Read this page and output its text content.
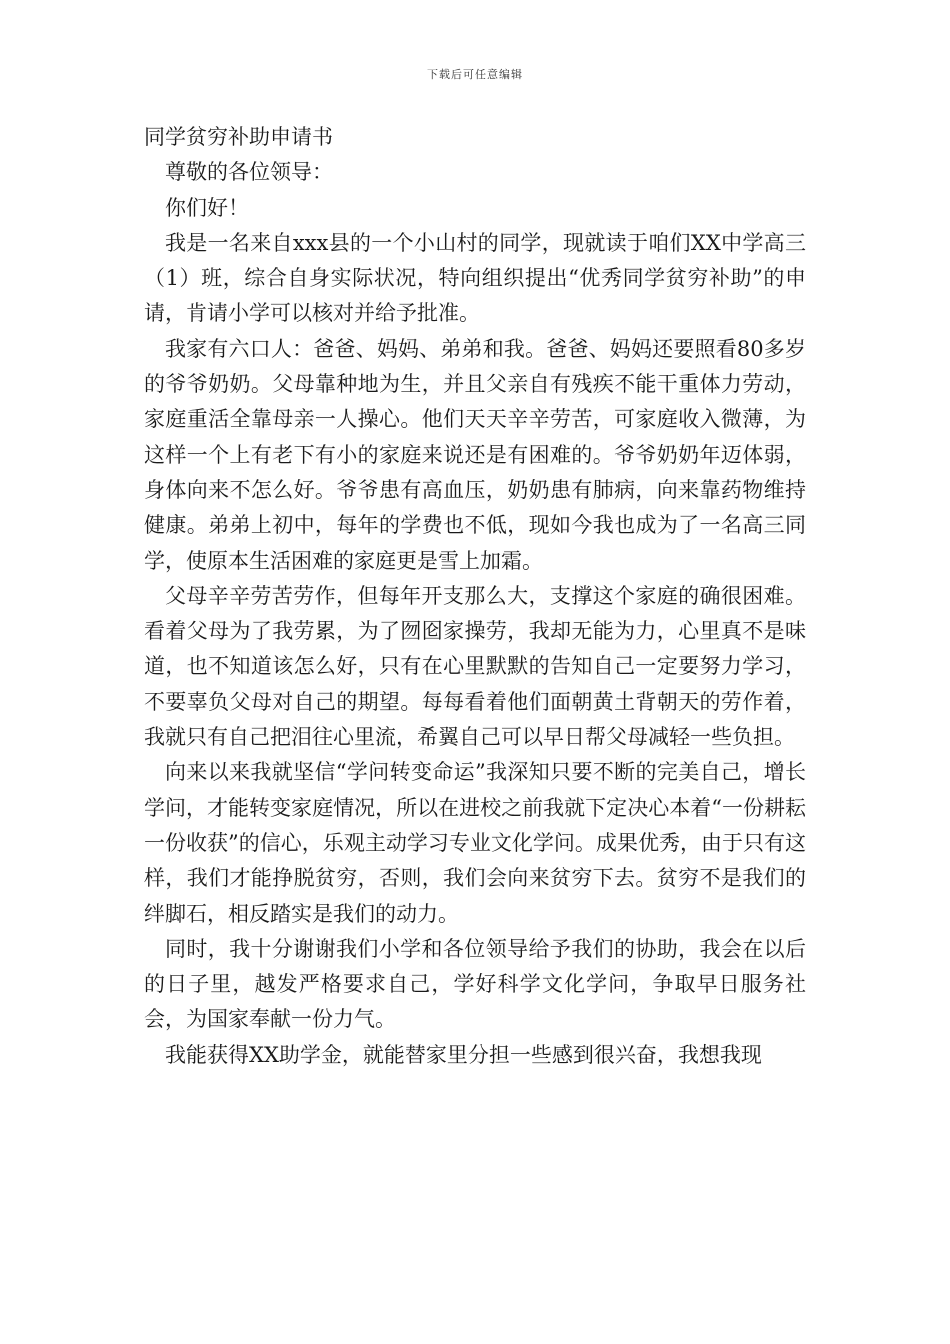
下载后可任意编辑
同学贫穷补助申请书

尊敬的各位领导：

你们好！

我是一名来自xxx县的一个小山村的同学，现就读于咱们XX中学高三（1）班，综合自身实际状况，特向组织提出“优秀同学贫穷补助”的申请，肯请小学可以核对并给予批准。

我家有六口人：爸爸、妈妈、弟弟和我。爸爸、妈妈还要照看80多岁的爷爷奶奶。父母靠种地为生，并且父亲自有残疾不能干重体力劳动，家庭重活全靠母亲一人操心。他们天天辛辛劳苦，可家庭收入微薄，为这样一个上有老下有小的家庭来说还是有困难的。爷爷奶奶年迈体弱，身体向来不怎么好。爷爷患有高血压，奶奶患有肺病，向来靠药物维持健康。弟弟上初中，每年的学费也不低，现如今我也成为了一名高三同学，使原本生活困难的家庭更是雪上加霜。

父母辛辛劳苦劳作，但每年开支那么大，支撑这个家庭的确很困难。看着父母为了我劳累，为了囫囵家操劳，我却无能为力，心里真不是味道，也不知道该怎么好，只有在心里默默的告知自己一定要努力学习，不要辜负父母对自己的期望。每每看着他们面朝黄土背朝天的劳作着，我就只有自己把泪往心里流，希翼自己可以早日帮父母减轻一些负担。

向来以来我就坚信“学问转变命运”我深知只要不断的完美自己，增长学问，才能转变家庭情况，所以在进校之前我就下定决心本着“一份耕耘一份收获”的信心，乐观主动学习专业文化学问。成果优秀，由于只有这样，我们才能挣脱贫穷，否则，我们会向来贫穷下去。贫穷不是我们的绊脚石，相反踏实是我们的动力。

同时，我十分谢谢我们小学和各位领导给予我们的协助，我会在以后的日子里，越发严格要求自己，学好科学文化学问，争取早日服务社会，为国家奉献一份力气。

我能获得XX助学金，就能替家里分担一些感到很兴奋，我想我现
